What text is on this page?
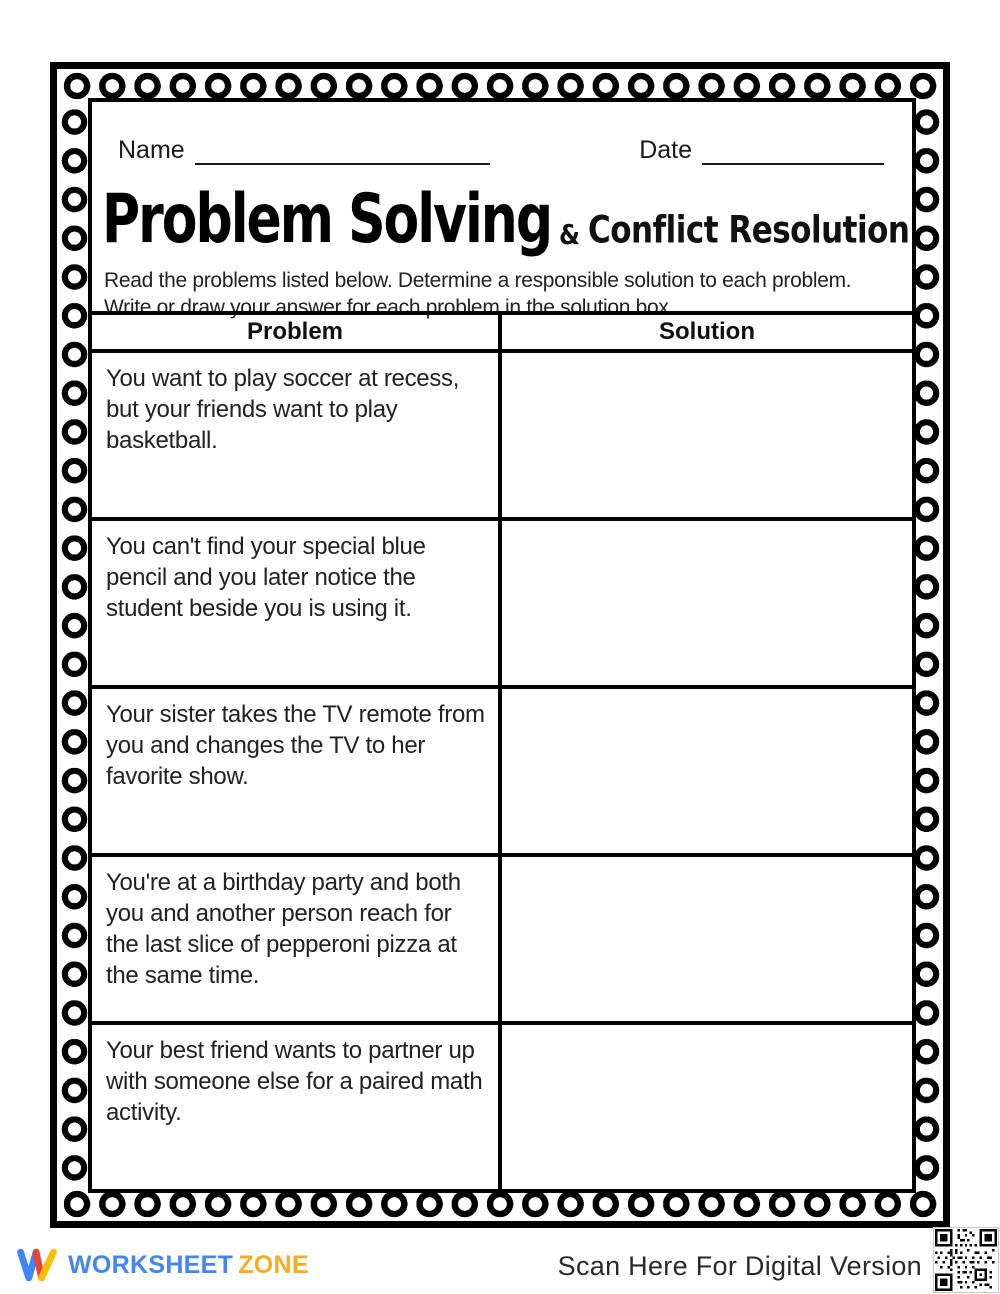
Name	Date
Problem Solving & Conflict Resolution
Read the problems listed below. Determine a responsible solution to each problem. Write or draw your answer for each problem in the solution box.
Problem	Solution
You want to play soccer at recess, but your friends want to play basketball.
You can't find your special blue pencil and you later notice the student beside you is using it.
Your sister takes the TV remote from you and changes the TV to her favorite show.
You're at a birthday party and both you and another person reach for the last slice of pepperoni pizza at the same time.
Your best friend wants to partner up with someone else for a paired math activity.
WORKSHEET ZONE	Scan Here For Digital Version
